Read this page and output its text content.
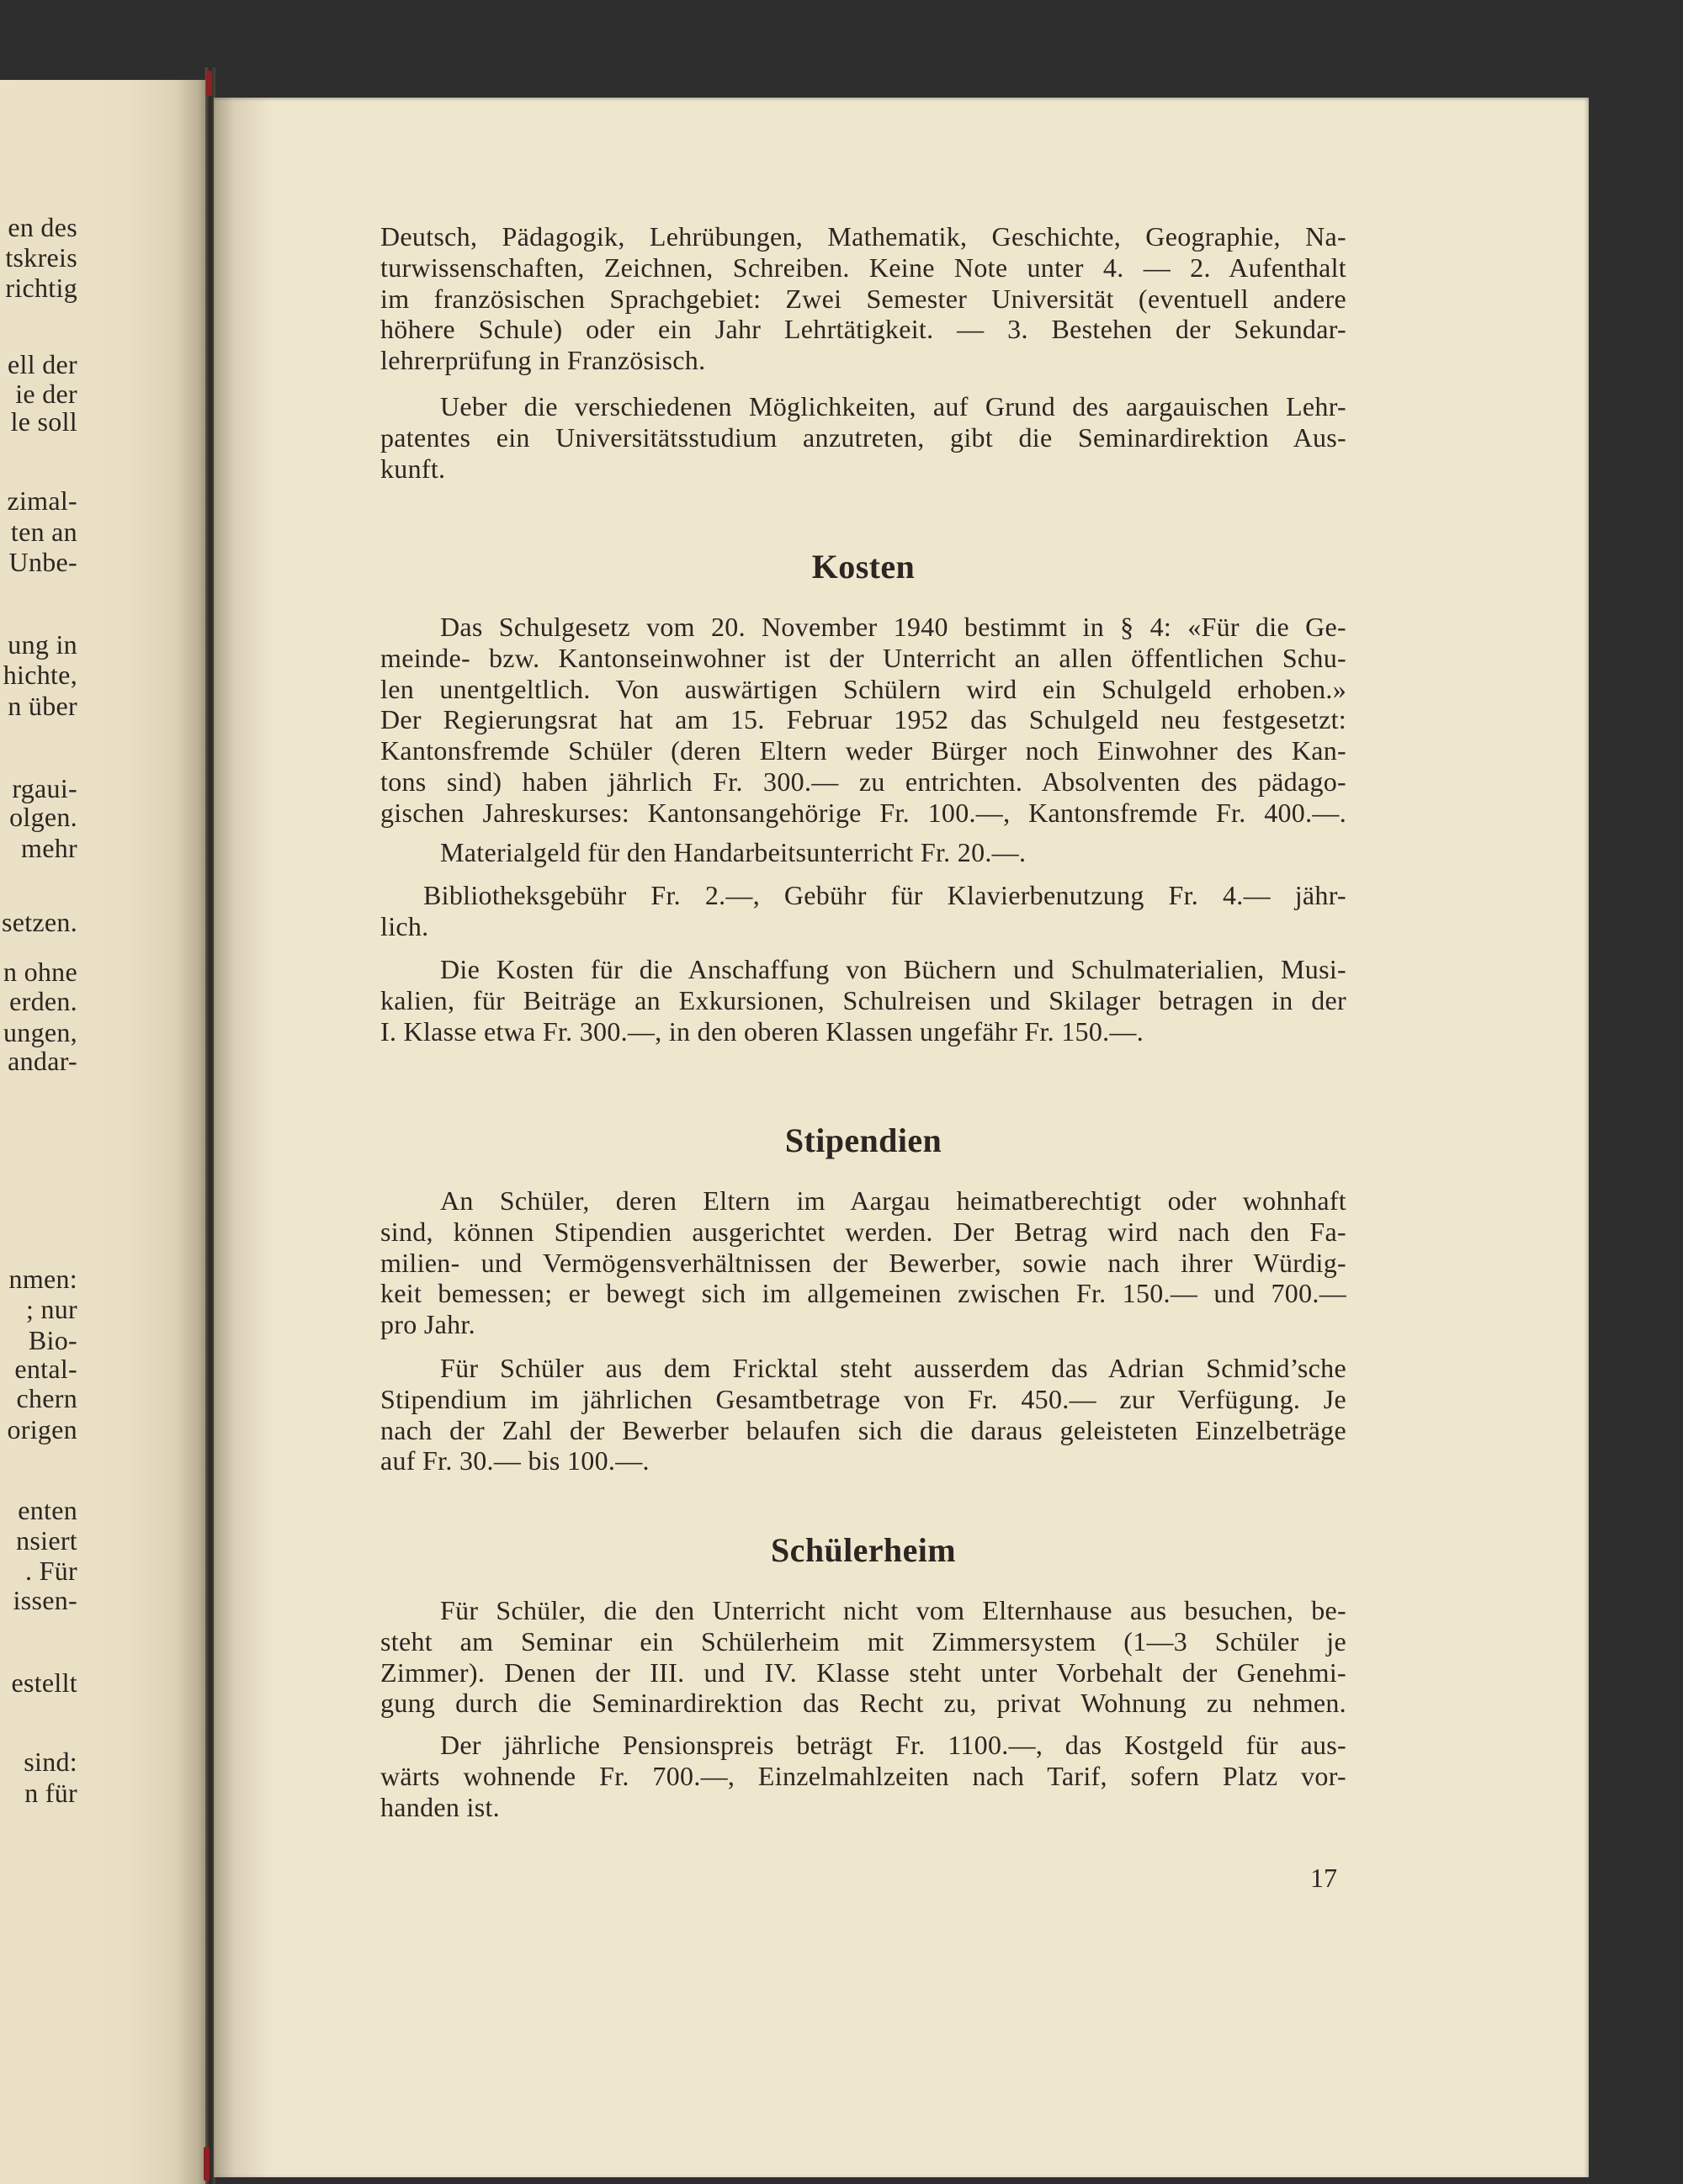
en des
tskreis
richtig
ell der
ie der
le soll
zimal-
ten an
Unbe-
ung in
hichte,
n über
rgaui-
olgen.
mehr
setzen.
n ohne
erden.
ungen,
andar-
nmen:
; nur
Bio-
ental-
chern
origen
enten
nsiert
. Für
issen-
estellt
sind:
n für
Deutsch, Pädagogik, Lehrübungen, Mathematik, Geschichte, Geographie, Na-
turwissenschaften, Zeichnen, Schreiben. Keine Note unter 4. — 2. Aufenthalt
im französischen Sprachgebiet: Zwei Semester Universität (eventuell andere
höhere Schule) oder ein Jahr Lehrtätigkeit. — 3. Bestehen der Sekundar-
lehrerprüfung in Französisch.
Ueber die verschiedenen Möglichkeiten, auf Grund des aargauischen Lehr-
patentes ein Universitätsstudium anzutreten, gibt die Seminardirektion Aus-
kunft.
Kosten
Das Schulgesetz vom 20. November 1940 bestimmt in § 4: «Für die Ge-
meinde- bzw. Kantonseinwohner ist der Unterricht an allen öffentlichen Schu-
len unentgeltlich. Von auswärtigen Schülern wird ein Schulgeld erhoben.»
Der Regierungsrat hat am 15. Februar 1952 das Schulgeld neu festgesetzt:
Kantonsfremde Schüler (deren Eltern weder Bürger noch Einwohner des Kan-
tons sind) haben jährlich Fr. 300.— zu entrichten. Absolventen des pädago-
gischen Jahreskurses: Kantonsangehörige Fr. 100.—, Kantonsfremde Fr. 400.—.
Materialgeld für den Handarbeitsunterricht Fr. 20.—.
Bibliotheksgebühr Fr. 2.—, Gebühr für Klavierbenutzung Fr. 4.— jähr-
lich.
Die Kosten für die Anschaffung von Büchern und Schulmaterialien, Musi-
kalien, für Beiträge an Exkursionen, Schulreisen und Skilager betragen in der
I. Klasse etwa Fr. 300.—, in den oberen Klassen ungefähr Fr. 150.—.
Stipendien
An Schüler, deren Eltern im Aargau heimatberechtigt oder wohnhaft
sind, können Stipendien ausgerichtet werden. Der Betrag wird nach den Fa-
milien- und Vermögensverhältnissen der Bewerber, sowie nach ihrer Würdig-
keit bemessen; er bewegt sich im allgemeinen zwischen Fr. 150.— und 700.—
pro Jahr.
Für Schüler aus dem Fricktal steht ausserdem das Adrian Schmid’sche
Stipendium im jährlichen Gesamtbetrage von Fr. 450.— zur Verfügung. Je
nach der Zahl der Bewerber belaufen sich die daraus geleisteten Einzelbeträge
auf Fr. 30.— bis 100.—.
Schülerheim
Für Schüler, die den Unterricht nicht vom Elternhause aus besuchen, be-
steht am Seminar ein Schülerheim mit Zimmersystem (1—3 Schüler je
Zimmer). Denen der III. und IV. Klasse steht unter Vorbehalt der Genehmi-
gung durch die Seminardirektion das Recht zu, privat Wohnung zu nehmen.
Der jährliche Pensionspreis beträgt Fr. 1100.—, das Kostgeld für aus-
wärts wohnende Fr. 700.—, Einzelmahlzeiten nach Tarif, sofern Platz vor-
handen ist.
17
